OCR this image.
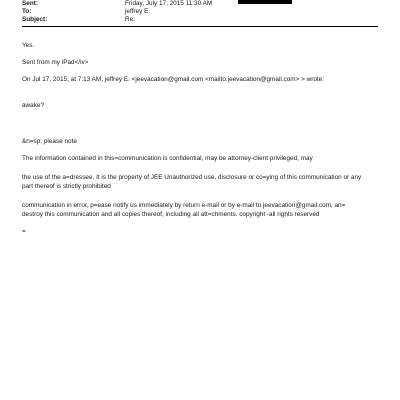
Sent:	Friday, July 17, 2015 11:30 AM
To:	jeffrey E.
Subject:	Re:
Yes.
Sent from my iPad</iv>
On Jul 17, 2015, at 7:13 AM, jeffrey E. <jeevacation@gmail.com <mailto:jeevacation@gmail.com> > wrote:
awake?
&n=sp; please note
The information contained in this=communication is confidential, may be attorney-client privileged, may
the use of the a=dressee. It is the property of JEE Unauthorized use, disclosure or co=ying of this communication or any
part thereof is strictly prohibited
communication in error, p=ease notify us immediately by return e-mail or by e-mail to jeevacation@gmail.com, an=
destroy this communication and all copies thereof, including all att=chments. copyright -all rights reserved
=
